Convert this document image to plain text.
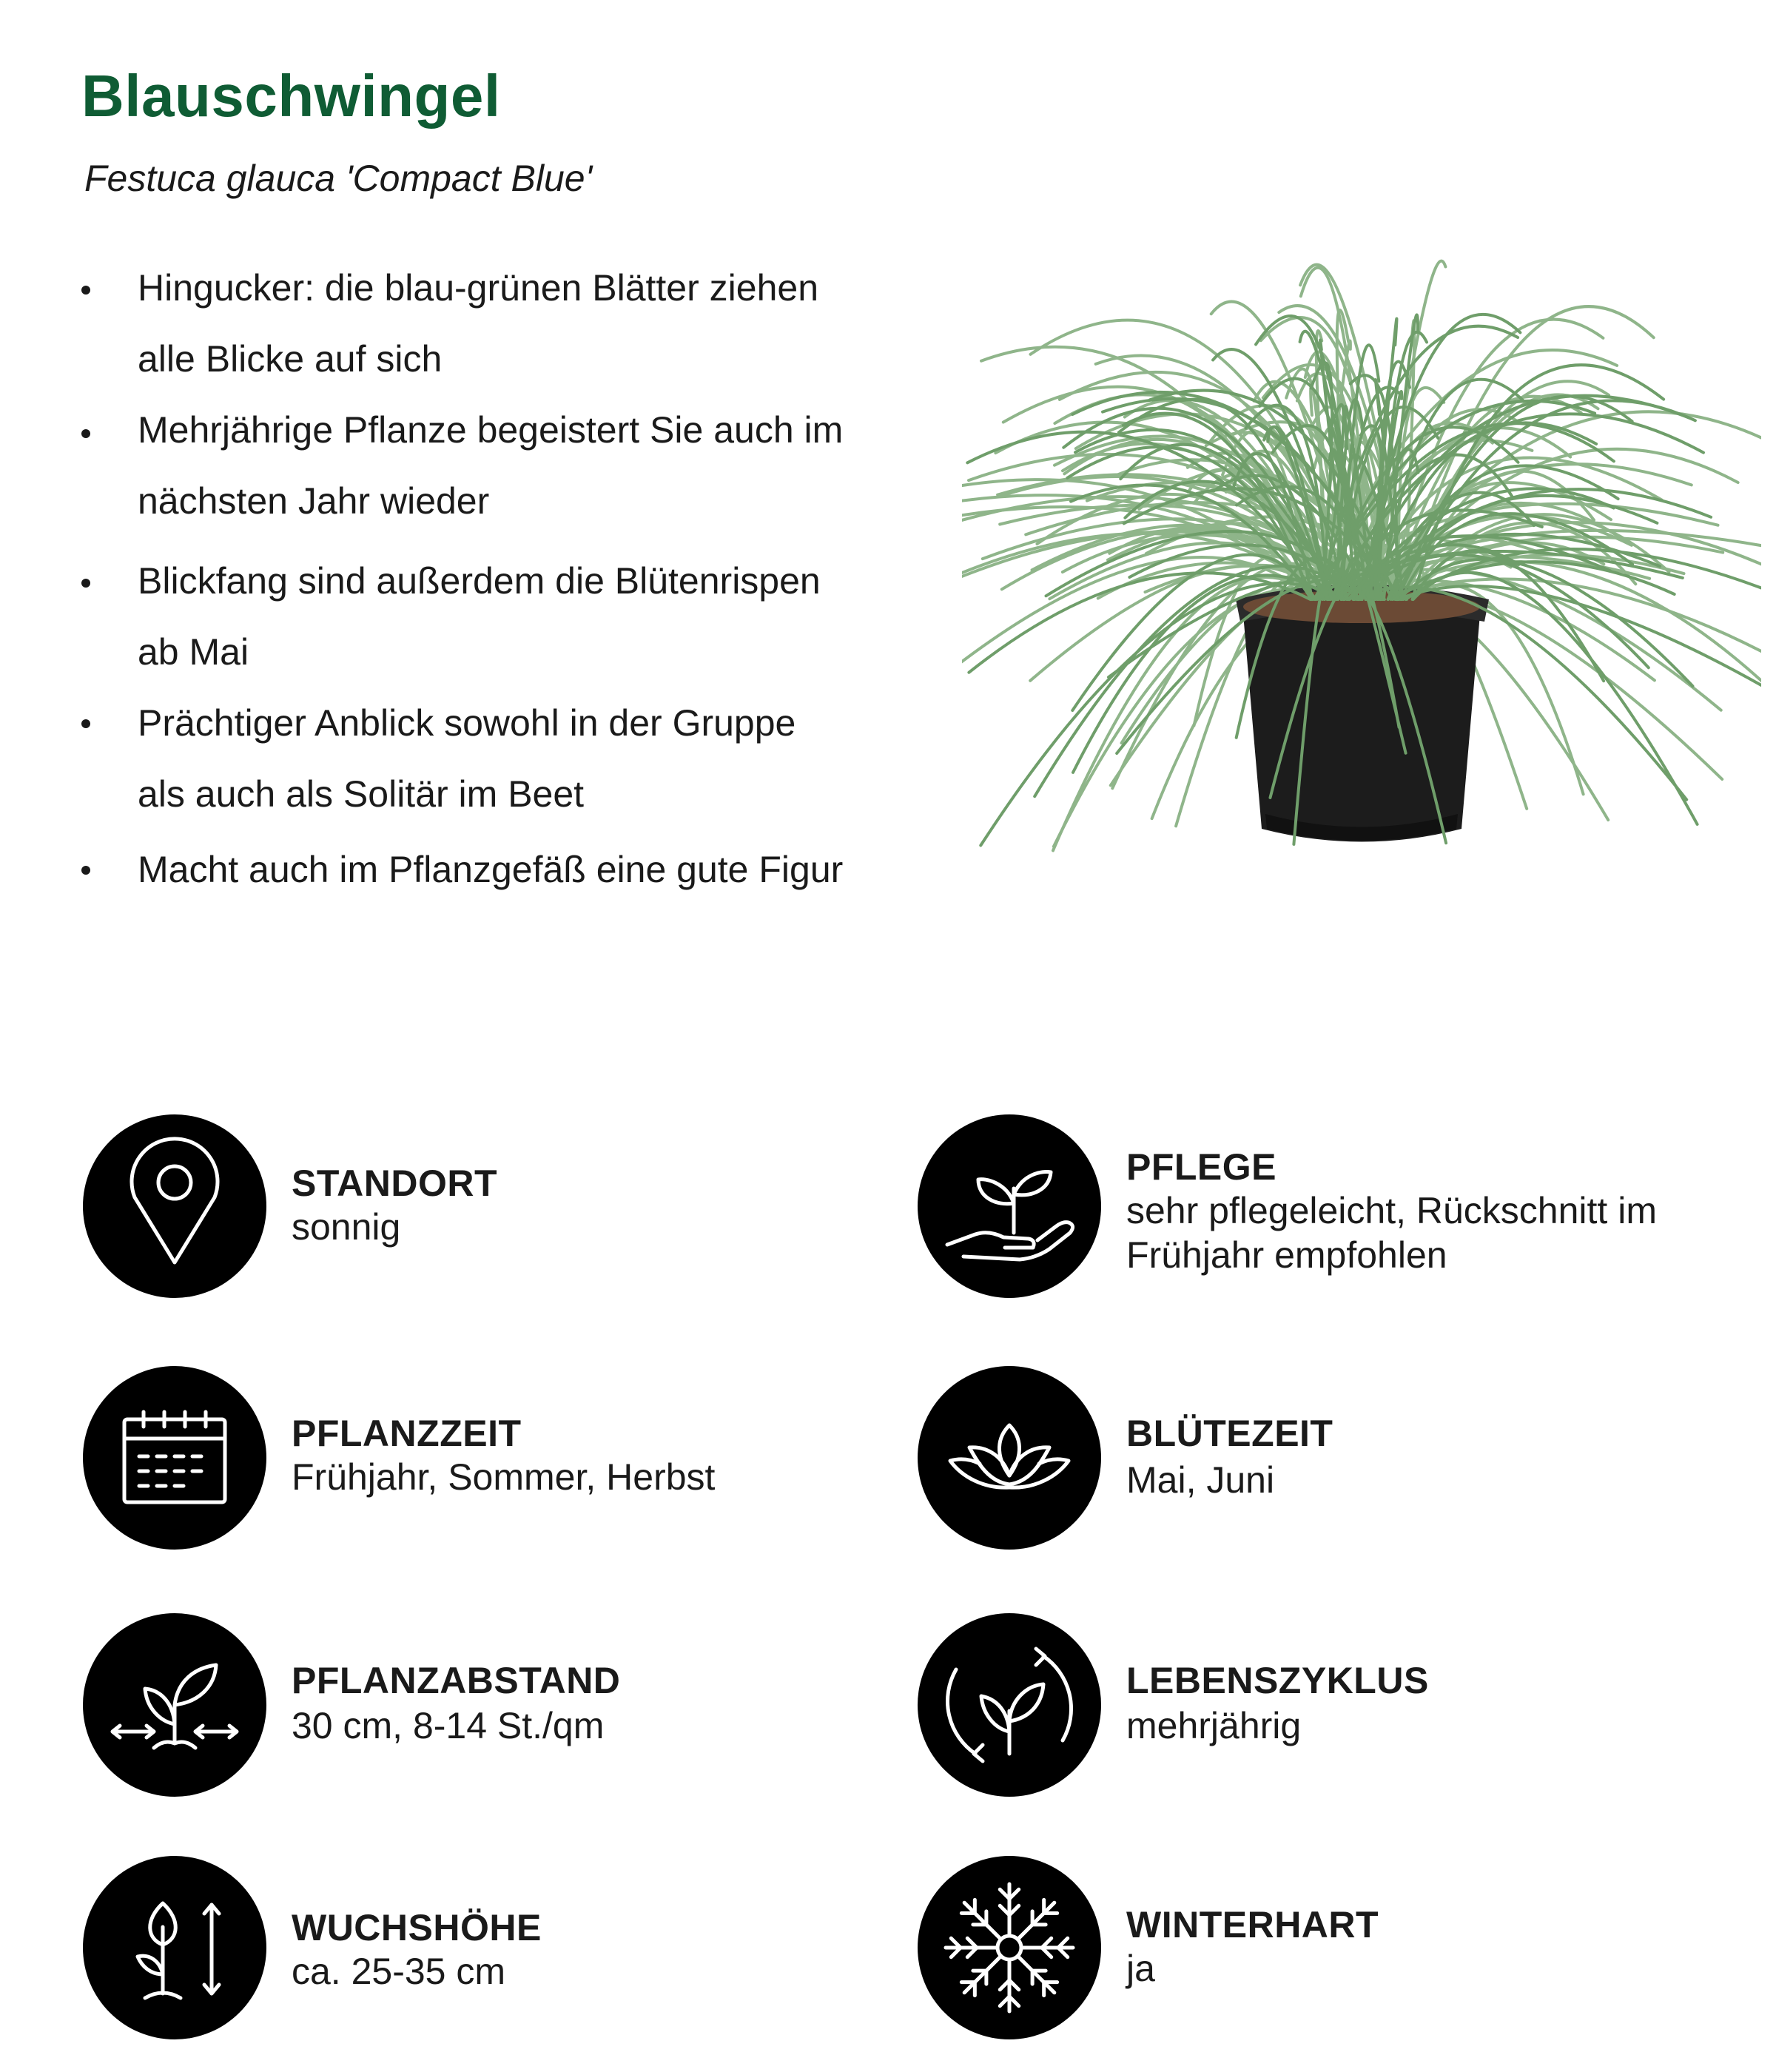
Blauschwingel
Festuca glauca 'Compact Blue'
Hingucker: die blau-grünen Blätter ziehen
alle Blicke auf sich
Mehrjährige Pflanze begeistert Sie auch im
nächsten Jahr wieder
Blickfang sind außerdem die Blütenrispen
ab Mai
Prächtiger Anblick sowohl in der Gruppe
als auch als Solitär im Beet
Macht auch im Pflanzgefäß eine gute Figur
STANDORT
sonnig
PFLEGE
sehr pflegeleicht, Rückschnitt im Frühjahr empfohlen
PFLANZZEIT
Frühjahr, Sommer, Herbst
BLÜTEZEIT
Mai, Juni
PFLANZABSTAND
30 cm, 8-14 St./qm
LEBENSZYKLUS
mehrjährig
WUCHSHÖHE
ca. 25-35 cm
WINTERHART
ja
